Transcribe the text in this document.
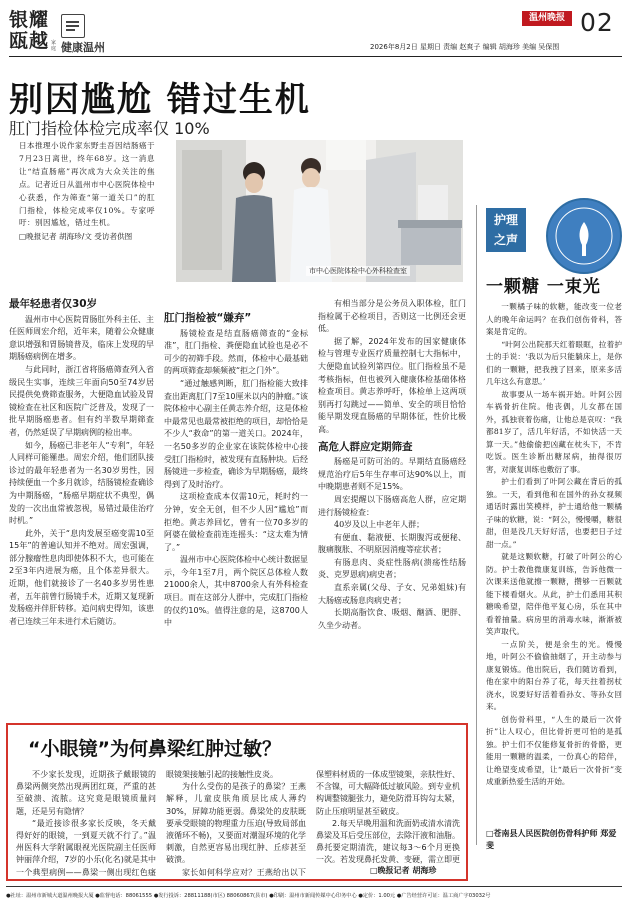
银耀
瓯越 家庭 健康温州
温州晚报 02
2026年8月2日 星期日 责编 赵爽子 编辑 胡海珍 美编 吴保围
别因尴尬 错过生机
肛门指检体检完成率仅 10%
日本推理小说作家东野圭吾因结肠癌于7月23日离世，终年68岁。这一消息让“结直肠癌”再次成为大众关注的焦点。记者近日从温州市中心医院体检中心获悉，作为筛查“第一道关口”的肛门指检，体检完成率仅10%。专家呼吁：别因尴尬，错过生机。
□晚报记者 胡海珍/文 受访者供图
市中心医院体检中心外科检查室
护理之声
一颗糖 一束光

一颗橘子味的软糖，能改变一位老人的晚年命运吗？在我们创伤骨科，答案是肯定的。

“叶阿公出院那天红着眼眶，拉着护士的手说：‘我以为后只能躺床上，是你们的一颗糖，把我拽了回来，原来多活几年这么有意思。’

故事要从一场车祸开始。叶阿公因车祸骨折住院。他丧偶，儿女都在国外，孤独衰着伤痛，让他总是哀叹：“我都81岁了，活几年好活，不如快活一天算一天。”他偷偷把凶藏在枕头下，不肯吃饭。医生诊断出糖尿病，抽得很厉害，对康复训练也敷衍了事。

护士们看到了叶阿公藏在背后的孤独。一天，看到他和在国外的孙女视频通话时露出笑模样，护士通给他一颗橘子味的软糖，说：“阿公，慢慢嚼，糖很甜，但是没几天好好活，也要把日子过甜一点。”

就是这颗软糖，打破了叶阿公的心防。护士教他微康复训练，告诉他微一次课来送他就擦一颗糖，攒够一百颗就能下楼看烟火。从此，护士们悉用其积糖唤希望，陪伴他平复心房，乐在其中看着抽量。病房里的消毒水味，渐渐被笑声取代。

一点阶关，便是余生的光。慢慢地，叶阿公不偷偷抽烟了，开主动参与康复锻炼。他出院后，我们随访看到，他在家中的阳台养了花，每天拄着拐杖浇水，说要好好活着看孙女、等孙女回来。

创伤骨科里，“人生的最后一次骨折”让人叹心，但比骨折更可怕的是孤独。护士们不仅能修复骨折的骨骼，更能用一颗糖的温柔，一份真心的陪伴，让绝望变成希望，让“最后一次骨折”变成重新热爱生活的开始。

□苍南县人民医院创伤骨科护师 郑爱斐
最年轻患者仅30岁

温州市中心医院胃肠肛外科主任、主任医师周宏介绍，近年来，随着公众健康意识增强和胃肠镜普及，临床上发现的早期肠癌病例在增多。

与此同时，浙江省将肠癌筛查列入省级民生实事，连续三年面向50至74岁居民提供免费筛查服务，大便隐血试验及胃镜检查在社区和医院广泛普及，发现了一批早期肠癌患者。但有约半数早期筛查者，仍然延误了早期病例的检出率。

如今，肠癌已非老年人“专利”，年轻人同样可能罹患。周宏介绍，他们团队接诊过的最年轻患者为一名30岁男性，因持续便血一个多月就诊，结肠镜检查确诊为中期肠癌，“肠癌早期症状不典型，偶发的一次出血常被忽视，易错过最佳治疗时机。”

此外，关于“息肉发展至癌变需10至15年”的普遍认知并不绝对。周宏强调，部分腺瘤性息肉即使体积不大，也可能在2至3年内进展为癌，且个体差异很大。近期，他们就接诊了一名40多岁男性患者，五年前曾行肠镜手术，近期又复现新发肠癌并伴肝转移。追问病史得知，该患者已连续三年未进行术后随访。

肛门指检被“嫌弃”

肠镜检查是结直肠癌筛查的“金标准”，肛门指检、粪便隐血试验也是必不可少的初筛手段。然而，体检中心最基础的两项筛查却频频被“拒之门外”。

“通过触感判断，肛门指检能大致排查出距离肛门7至10厘米以内的肿瘤。”该院体检中心副主任黄志养介绍，这是体检中最常见也最常被拒绝的项目，却恰恰是不少人“救命”的第一道关口。2024年，一名50多岁的企业家在该院体检中心接受肛门指检时，被发现有直肠肿块。后经肠镜进一步检查，确诊为早期肠癌，最终得到了及时治疗。

这项检查成本仅需10元，耗时约一分钟，安全无创，但不少人因“尴尬”而拒绝。黄志养回忆，曾有一位70多岁的阿婆在做检查前连连摇头：“这太难为情了。”

温州市中心医院体检中心统计数据显示，今年1至7月，两个院区总体检人数21000余人，其中8700余人有外科检查项目。而在这部分人群中，完成肛门指检的仅约10%。值得注意的是，这8700人中

有相当部分是公务员入职体检，肛门指检属于必检项目，否则这一比例还会更低。

据了解，2024年发布的国家健康体检与管理专业医疗质量控制七大指标中，大便隐血试验列第四位。肛门指检虽不是考核指标，但也被列入健康体检基础体格检查项目。黄志养呼吁，体检单上这两项别再打勾跳过——简单、安全的项目恰恰能早期发现直肠癌的早期体征，性价比极高。

高危人群应定期筛查

肠癌是可防可治的。早期结直肠癌经规范治疗后5年生存率可达90%以上，而中晚期患者则不足15%。

周宏提醒以下肠癌高危人群，应定期进行肠镜检查：

40岁及以上中老年人群；

有便血、黏液便、长期腹泻或便秘、腹痛腹胀、不明原因消瘦等症状者；

有肠息肉、炎症性肠病(溃疡性结肠炎、克罗恩病)病史者；

直系亲属(父母、子女、兄弟姐妹)有大肠癌或肠息肉病史者；

长期高脂饮食、吸烟、酗酒、肥胖、久坐少动者。

“小眼镜”为何鼻梁红肿过敏？

不少家长发现，近期孩子戴眼镜的鼻梁两侧突然出现两团红斑，严重的甚至破溃、流脓。这究竟是眼镜质量问题，还是另有隐情？

“最近接诊很多家长反映，冬天戴得好好的眼镜，一到夏天就不行了。”温州医科大学附属眼视光医院副主任医师钟丽萍介绍，7岁的小乐(化名)就是其中一个典型病例——鼻梁一侧出现红色瘙

眼镜架接触引起的接触性皮炎。

为什么受伤的是孩子的鼻梁？王燕解释，儿童皮肤角质层比成人薄约30%，屏障功能更弱。鼻梁处的皮肤既要承受眼镜的物理重力压迫(导致局部血液循环不畅)，又要面对潮湿环境的化学刺激，自然更容易出现红肿、丘疹甚至破溃。

家长如何科学应对？王燕给出以下

保塑料材质的一体成型镜架，亲肤性好、不含镍，可大幅降低过敏风险。到专业机构调整镜腿张力，避免防滑耳钩勾太紧，防止压痕明显甚至破皮。

2.每天早晚用温和洗面奶或清水清洗鼻梁及耳后受压部位，去除汗液和油脂。鼻托要定期清洗，建议每3～6个月更换一次。若发现鼻托发黄、变硬，需立即更

□晚报记者 胡海珍
●社址：温州市新城大道温州晚报大厦 ●监督电话：88061555 ●发行投诉：28811188(市区) 88060867(县市) ●印刷：温州市新闻传媒中心印务中心 ●定价：1.00元 ●广告经营许可证：温工商广字03032号
